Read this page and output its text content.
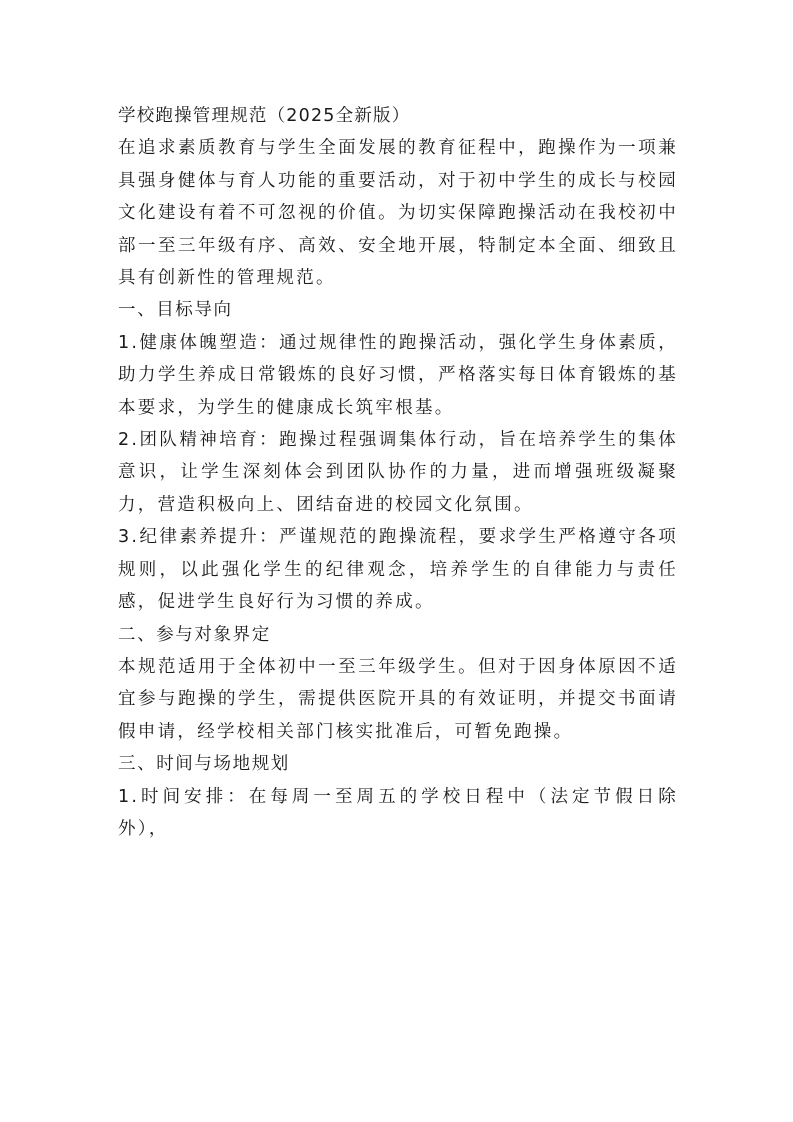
学校跑操管理规范（2025全新版）

在追求素质教育与学生全面发展的教育征程中，跑操作为一项兼具强身健体与育人功能的重要活动，对于初中学生的成长与校园文化建设有着不可忽视的价值。为切实保障跑操活动在我校初中部一至三年级有序、高效、安全地开展，特制定本全面、细致且具有创新性的管理规范。

一、目标导向

1.健康体魄塑造：通过规律性的跑操活动，强化学生身体素质，助力学生养成日常锻炼的良好习惯，严格落实每日体育锻炼的基本要求，为学生的健康成长筑牢根基。

2.团队精神培育：跑操过程强调集体行动，旨在培养学生的集体意识，让学生深刻体会到团队协作的力量，进而增强班级凝聚力，营造积极向上、团结奋进的校园文化氛围。

3.纪律素养提升：严谨规范的跑操流程，要求学生严格遵守各项规则，以此强化学生的纪律观念，培养学生的自律能力与责任感，促进学生良好行为习惯的养成。

二、参与对象界定

本规范适用于全体初中一至三年级学生。但对于因身体原因不适宜参与跑操的学生，需提供医院开具的有效证明，并提交书面请假申请，经学校相关部门核实批准后，可暂免跑操。

三、时间与场地规划

1.时间安排：在每周一至周五的学校日程中（法定节假日除外），
